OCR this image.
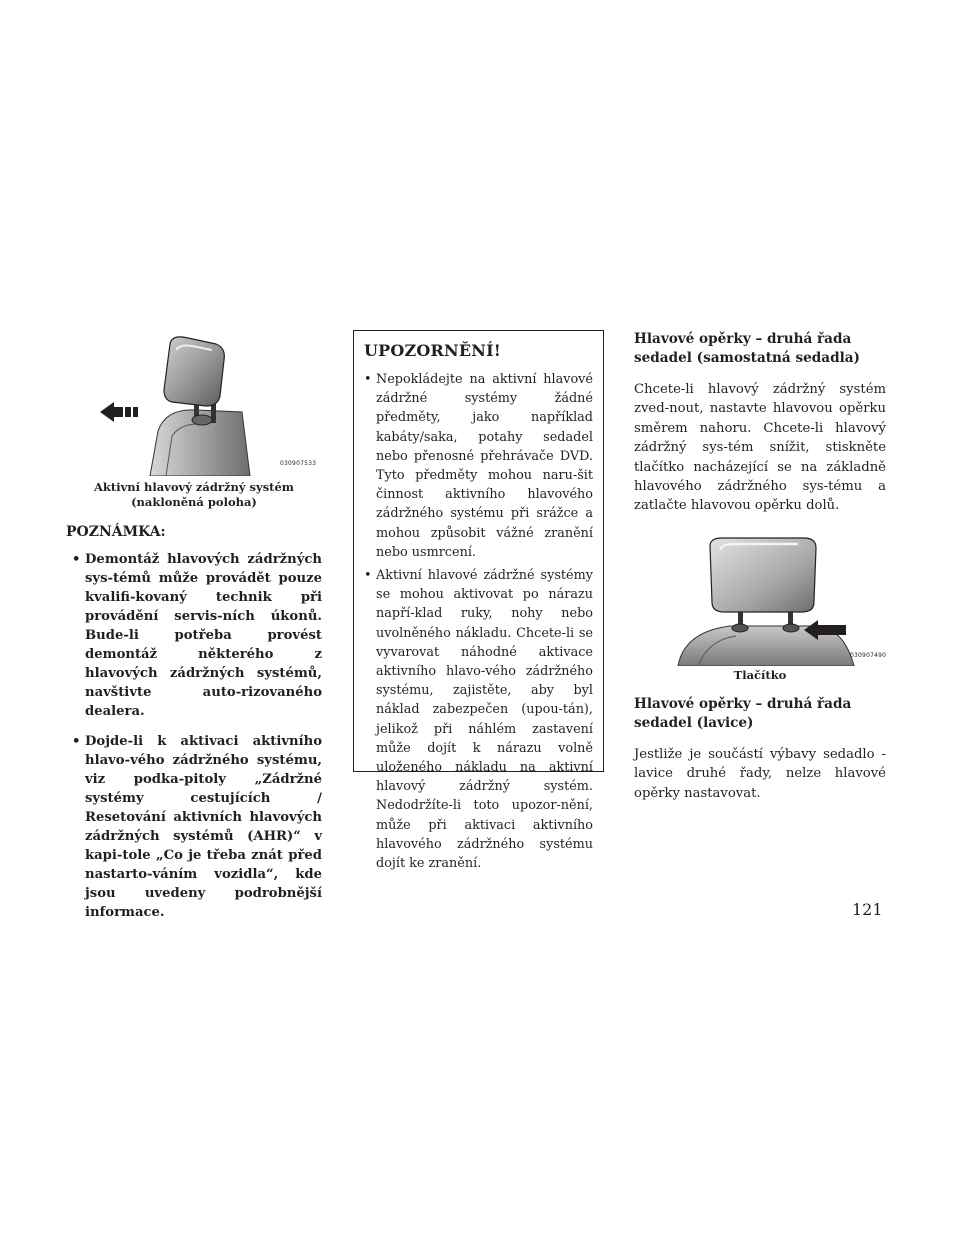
030907533
Aktivní hlavový zádržný systém
(nakloněná poloha)
POZNÁMKA:
• Demontáž hlavových zádržných sys-témů může provádět pouze kvalifi-kovaný technik při provádění servis-ních úkonů. Bude-li potřeba provést demontáž některého z hlavových zádržných systémů, navštivte auto-rizovaného dealera.
• Dojde-li k aktivaci aktivního hlavo-vého zádržného systému, viz podka-pitoly „Zádržné systémy cestujících / Resetování aktivních hlavových zádržných systémů (AHR)“ v kapi-tole „Co je třeba znát před nastarto-váním vozidla“, kde jsou uvedeny podrobnější informace.
UPOZORNĚNÍ!
• Nepokládejte na aktivní hlavové zádržné systémy žádné předměty, jako například kabáty/saka, potahy sedadel nebo přenosné přehrávače DVD. Tyto předměty mohou naru-šit činnost aktivního hlavového zádržného systému při srážce a mohou způsobit vážné zranění nebo usmrcení.
• Aktivní hlavové zádržné systémy se mohou aktivovat po nárazu napří-klad ruky, nohy nebo uvolněného nákladu. Chcete-li se vyvarovat náhodné aktivace aktivního hlavo-vého zádržného systému, zajistěte, aby byl náklad zabezpečen (upou-tán), jelikož při náhlém zastavení může dojít k nárazu volně uloženého nákladu na aktivní hlavový zádržný systém. Nedodržíte-li toto upozor-nění, může při aktivaci aktivního hlavového zádržného systému dojít ke zranění.
Hlavové opěrky – druhá řada sedadel (samostatná sedadla)

Chcete-li hlavový zádržný systém zved-nout, nastavte hlavovou opěrku směrem nahoru. Chcete-li hlavový zádržný sys-tém snížit, stiskněte tlačítko nacházející se na základně hlavového zádržného sys-tému a zatlačte hlavovou opěrku dolů.

030907490
Tlačítko
Hlavové opěrky – druhá řada sedadel (lavice)

Jestliže je součástí výbavy sedadlo - lavice druhé řady, nelze hlavové opěrky nastavovat.

121
